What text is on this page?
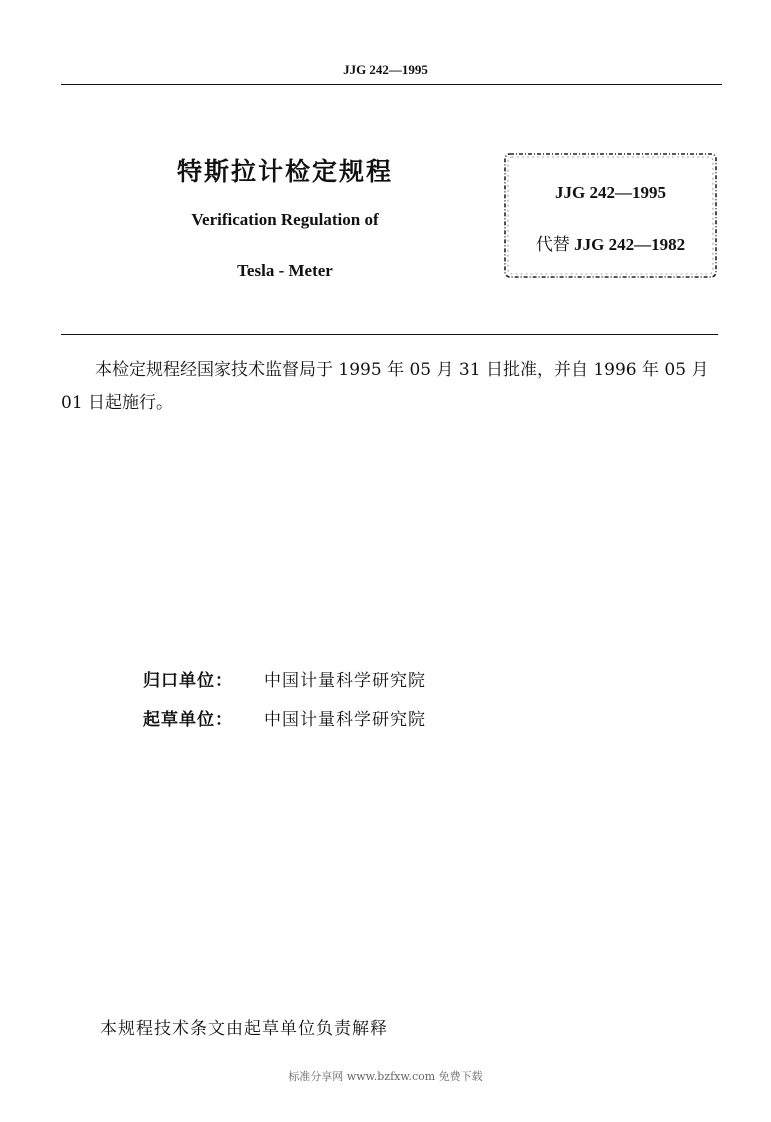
JJG 242—1995
特斯拉计检定规程
Verification Regulation of
Tesla - Meter
JJG 242—1995
代替 JJG 242—1982
本检定规程经国家技术监督局于 1995 年 05 月 31 日批准，并自 1996 年 05 月 01 日起施行。
归口单位：	中国计量科学研究院
起草单位：	中国计量科学研究院
本规程技术条文由起草单位负责解释
标准分享网 www.bzfxw.com 免费下载
